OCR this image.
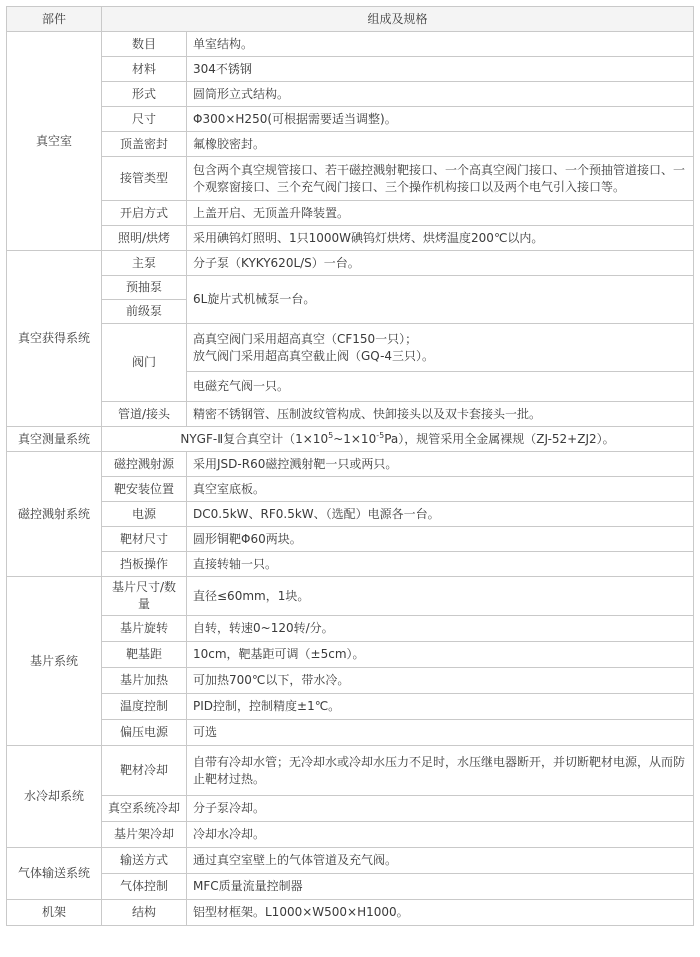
部件	组成及规格	
真空室	数目	单室结构。
	材料	304不锈钢
	形式	圆筒形立式结构。
	尺寸	Φ300×H250(可根据需要适当调整)。
	顶盖密封	氟橡胶密封。
	接管类型	包含两个真空规管接口、若干磁控溅射靶接口、一个高真空阀门接口、一个预抽管道接口、一个观察窗接口、三个充气阀门接口、三个操作机构接口以及两个电气引入接口等。
	开启方式	上盖开启、无顶盖升降装置。
	照明/烘烤	采用碘钨灯照明、1只1000W碘钨灯烘烤、烘烤温度200℃以内。
真空获得系统	主泵	分子泵（KYKY620L/S）一台。
	预抽泵	6L旋片式机械泵一台。
	前级泵	
	阀门	高真空阀门采用超高真空（CF150一只）；
放气阀门采用超高真空截止阀（GQ-4三只）。

		电磁充气阀一只。
	管道/接头	精密不锈钢管、压制波纹管构成、快卸接头以及双卡套接头一批。
真空测量系统	NYGF-Ⅱ复合真空计$(1\times 10^5\sim 1\times 10^{-5}Pa)$，规管采用全金属裸规（ZJ-52+ZJ2）。	
磁控溅射系统	磁控溅射源	采用JSD-R60磁控溅射靶一只或两只。
	靶安装位置	真空室底板。
	电源	DC0.5kW、RF0.5kW、（选配）电源各一台。
	靶材尺寸	圆形铜靶Φ60两块。
	挡板操作	直接转轴一只。
基片系统	基片尺寸/数量	直径≤60mm，1块。
	基片旋转	自转，转速0~120转/分。
	靶基距	10cm，靶基距可调（±5cm）。
	基片加热	可加热700℃以下，带水冷。
	温度控制	PID控制，控制精度±1℃。
	偏压电源	可选
水冷却系统	靶材冷却	自带有冷却水管；无冷却水或冷却水压力不足时，水压继电器断开，并切断靶材电源，从而防止靶材过热。
	真空系统冷却	分子泵冷却。
	基片架冷却	冷却水冷却。
气体输送系统	输送方式	通过真空室壁上的气体管道及充气阀。
	气体控制	MFC质量流量控制器
机架	结构	铝型材框架。L1000×W500×H1000。
